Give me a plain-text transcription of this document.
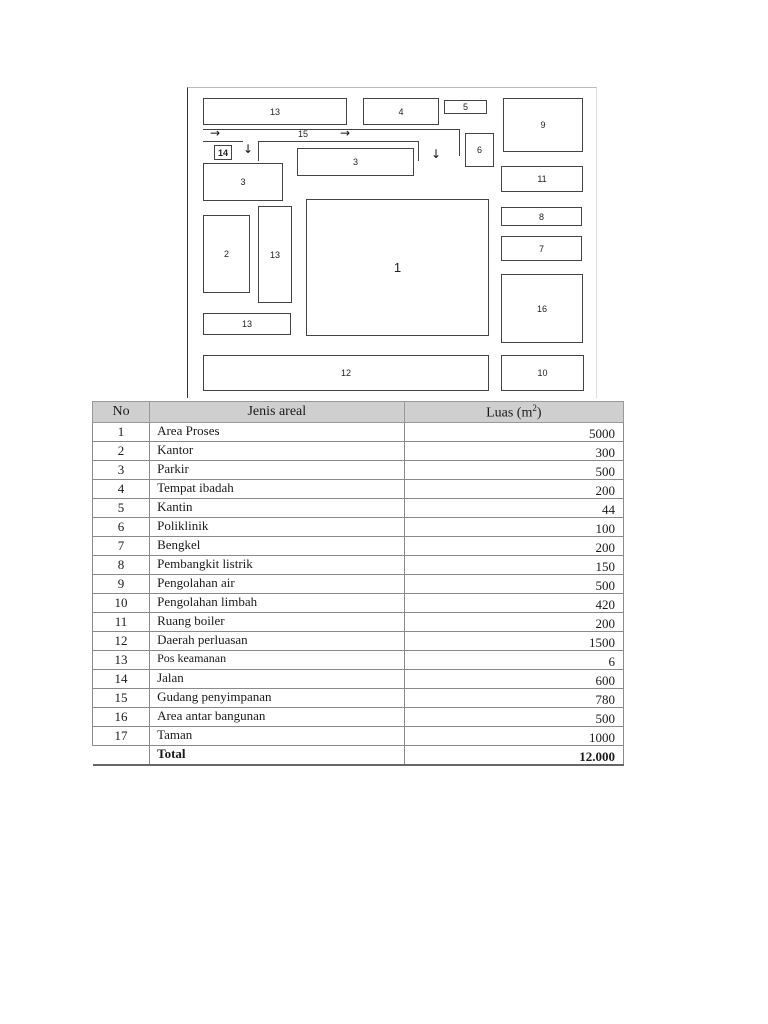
13	4	5
9
→	15	→
14	↓
3
↓	6
3	11
8
2	13
1
7
16
13
12	10
No	Jenis areal	Luas $(m^2)$
1	Area Proses	5000
2	Kantor	300
3	Parkir	500
4	Tempat ibadah	200
5	Kantin	44
6	Poliklinik	100
7	Bengkel	200
8	Pembangkit listrik	150
9	Pengolahan air	500
10	Pengolahan limbah	420
11	Ruang boiler	200
12	Daerah perluasan	1500
13	Pos keamanan	6
14	Jalan	600
15	Gudang penyimpanan	780
16	Area antar bangunan	500
17	Taman	1000
	Total	12.000
